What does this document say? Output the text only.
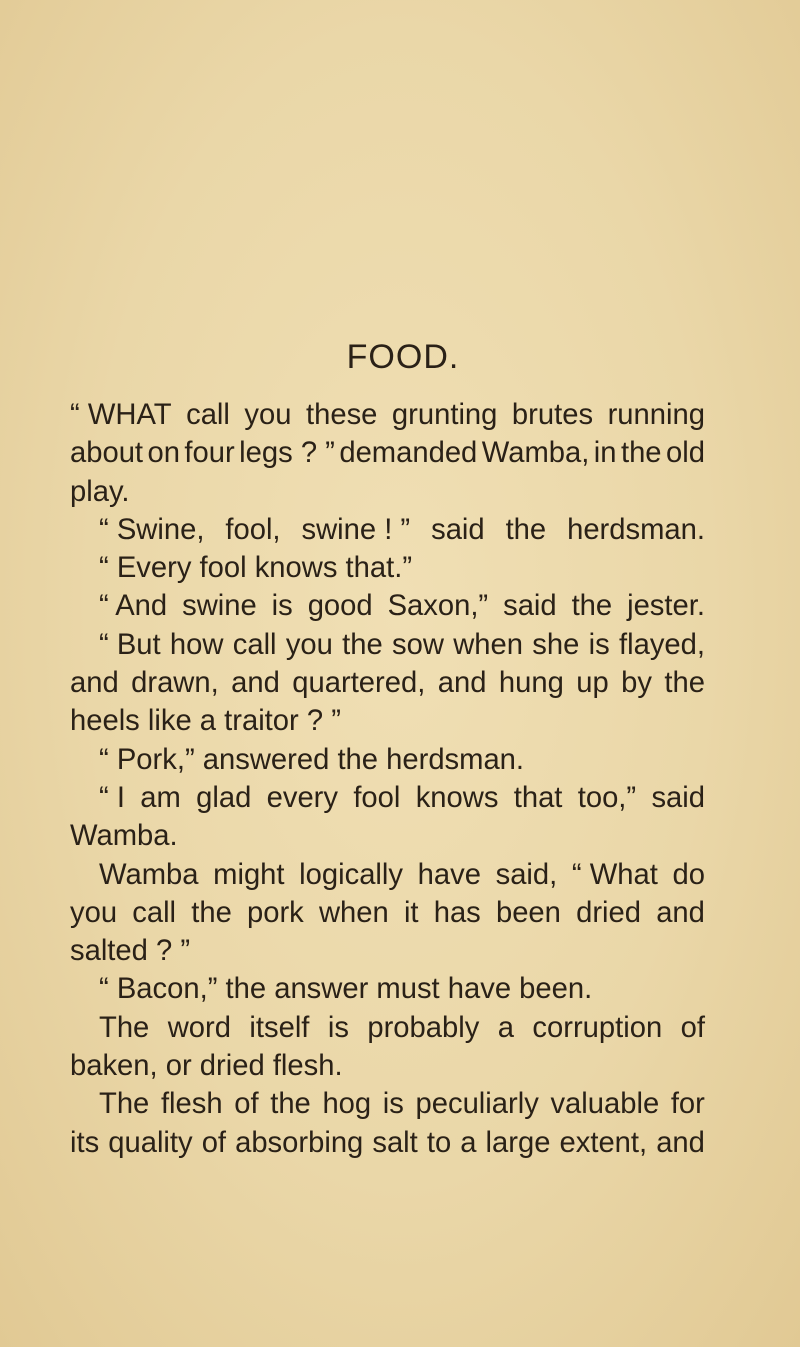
FOOD.
“ WHAT call you these grunting brutes running
about on four legs ? ” demanded Wamba, in the old
play.
“ Swine, fool, swine ! ” said the herdsman.
“ Every fool knows that.”
“ And swine is good Saxon,” said the jester.
“ But how call you the sow when she is flayed,
and drawn, and quartered, and hung up by the
heels like a traitor ? ”
“ Pork,” answered the herdsman.
“ I am glad every fool knows that too,” said
Wamba.
Wamba might logically have said, “ What do
you call the pork when it has been dried and
salted ? ”
“ Bacon,” the answer must have been.
The word itself is probably a corruption of
baken, or dried flesh.
The flesh of the hog is peculiarly valuable for
its quality of absorbing salt to a large extent, and
